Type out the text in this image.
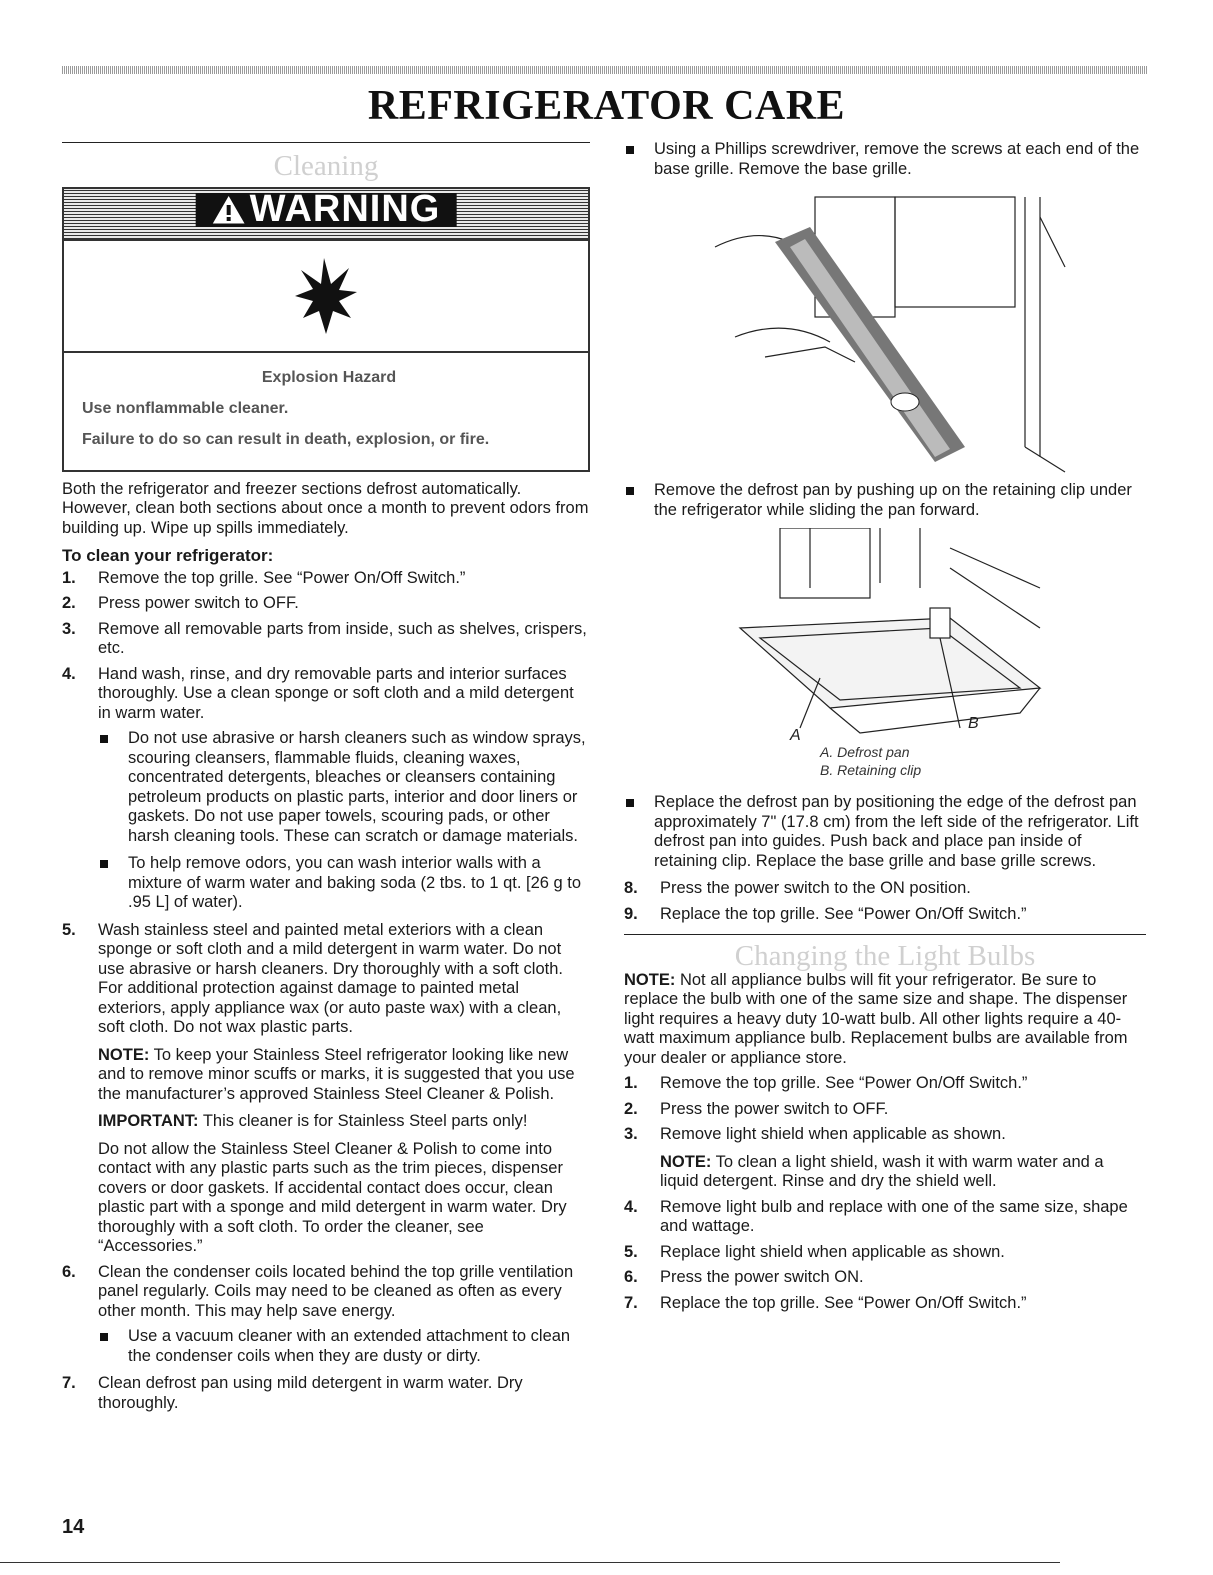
REFRIGERATOR CARE
Cleaning
WARNING

Explosion Hazard

Use nonflammable cleaner.

Failure to do so can result in death, explosion, or fire.

Both the refrigerator and freezer sections defrost automatically. However, clean both sections about once a month to prevent odors from building up. Wipe up spills immediately.

To clean your refrigerator:

1. Remove the top grille. See “Power On/Off Switch.”
2. Press power switch to OFF.
3. Remove all removable parts from inside, such as shelves, crispers, etc.
4. Hand wash, rinse, and dry removable parts and interior surfaces thoroughly. Use a clean sponge or soft cloth and a mild detergent in warm water.
Do not use abrasive or harsh cleaners such as window sprays, scouring cleansers, flammable fluids, cleaning waxes, concentrated detergents, bleaches or cleansers containing petroleum products on plastic parts, interior and door liners or gaskets. Do not use paper towels, scouring pads, or other harsh cleaning tools. These can scratch or damage materials.
To help remove odors, you can wash interior walls with a mixture of warm water and baking soda (2 tbs. to 1 qt. [26 g to .95 L] of water).
5. Wash stainless steel and painted metal exteriors with a clean sponge or soft cloth and a mild detergent in warm water. Do not use abrasive or harsh cleaners. Dry thoroughly with a soft cloth. For additional protection against damage to painted metal exteriors, apply appliance wax (or auto paste wax) with a clean, soft cloth. Do not wax plastic parts.

NOTE: To keep your Stainless Steel refrigerator looking like new and to remove minor scuffs or marks, it is suggested that you use the manufacturer’s approved Stainless Steel Cleaner & Polish.

IMPORTANT: This cleaner is for Stainless Steel parts only!

Do not allow the Stainless Steel Cleaner & Polish to come into contact with any plastic parts such as the trim pieces, dispenser covers or door gaskets. If accidental contact does occur, clean plastic part with a sponge and mild detergent in warm water. Dry thoroughly with a soft cloth. To order the cleaner, see “Accessories.”

6. Clean the condenser coils located behind the top grille ventilation panel regularly. Coils may need to be cleaned as often as every other month. This may help save energy.
Use a vacuum cleaner with an extended attachment to clean the condenser coils when they are dusty or dirty.
7. Clean defrost pan using mild detergent in warm water. Dry thoroughly.
Using a Phillips screwdriver, remove the screws at each end of the base grille. Remove the base grille.
Remove the defrost pan by pushing up on the retaining clip under the refrigerator while sliding the pan forward.
A
B
A. Defrost pan
B. Retaining clip
Replace the defrost pan by positioning the edge of the defrost pan approximately 7" (17.8 cm) from the left side of the refrigerator. Lift defrost pan into guides. Push back and place pan inside of retaining clip. Replace the base grille and base grille screws.
8. Press the power switch to the ON position.
9. Replace the top grille. See “Power On/Off Switch.”
Changing the Light Bulbs

NOTE: Not all appliance bulbs will fit your refrigerator. Be sure to replace the bulb with one of the same size and shape. The dispenser light requires a heavy duty 10-watt bulb. All other lights require a 40-watt maximum appliance bulb. Replacement bulbs are available from your dealer or appliance store.

1. Remove the top grille. See “Power On/Off Switch.”
2. Press the power switch to OFF.
3. Remove light shield when applicable as shown.

NOTE: To clean a light shield, wash it with warm water and a liquid detergent. Rinse and dry the shield well.

4. Remove light bulb and replace with one of the same size, shape and wattage.
5. Replace light shield when applicable as shown.
6. Press the power switch ON.
7. Replace the top grille. See “Power On/Off Switch.”
14
